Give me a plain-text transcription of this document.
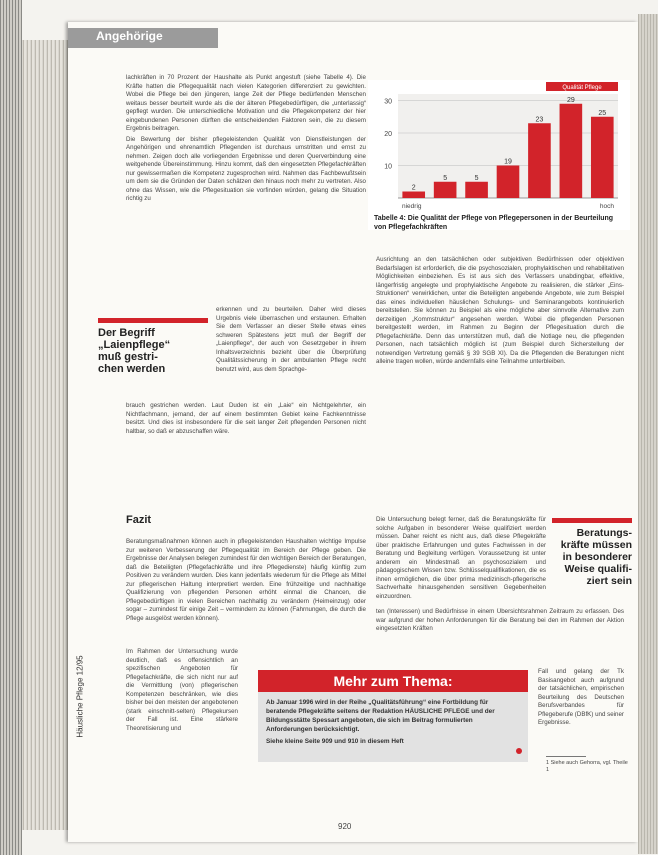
Angehörige
Häusliche Pflege 12/95

lachkräften in 70 Prozent der Haushalte als Punkt angestuft (siehe Tabelle 4). Die Kräfte hatten die Pflegequalität nach vielen Kategorien differenziert zu gewichten. Wobei die Pflege bei den jüngeren, lange Zeit der Pflege bedürfenden Menschen weitaus besser beurteilt wurde als die der älteren Pflegebedürftigen, die „unterlassig“ gepflegt wurden. Die unterschiedliche Motivation und die Pflegekompetenz der hier eingebundenen Personen dürften die entscheidenden Faktoren sein, die zu diesem Ergebnis beitragen.

Die Bewertung der bisher pflegeleistenden Qualität von Dienstleistungen der Angehörigen und ehrenamtlich Pflegenden ist durchaus umstritten und ernst zu nehmen. Zeigen doch alle vorliegenden Ergebnisse und deren Querverbindung eine weitgehende Übereinstimmung. Hinzu kommt, daß den eingesetzten Pflegefachkräften nur gewissermaßen die Kompetenz zugesprochen wird. Nahmen das Fachbewußtsein um dem sie die Gründen der Daten schätzen den hinaus noch mehr zu vertreten. Also ohne das Wissen, wie die Pflegesituation sie vorfinden würden, gelang die Situation richtig zu

Der Begriff
„Laienpflege“
muß gestri-
chen werden

erkennen und zu beurteilen. Daher wird dieses Urgebnis viele überraschen und erstaunen. Erhalten Sie dem Verfasser an dieser Stelle etwas eines schweren Spätestens jetzt muß der Begriff der „Laienpflege“, der auch von Gesetzgeber in ihrem Inhaltsverzeichnis bezieht über die Überprüfung Qualitätssicherung in der ambulanten Pflege recht benutzt wird, aus dem Sprachge-

brauch gestrichen werden. Laut Duden ist ein „Laie“ ein Nichtgelehrter, ein Nichtfachmann, jemand, der auf einem bestimmten Gebiet keine Fachkenntnisse besitzt. Und dies ist insbesondere für die seit langer Zeit pflegenden Personen nicht haltbar, so daß er abzuschaffen wäre.

Fazit

Beratungsmaßnahmen können auch in pflegeleistenden Haushalten wichtige Impulse zur weiteren Verbesserung der Pflegequalität im Bereich der Pflege geben. Die Ergebnisse der Analysen belegen zumindest für den wichtigen Bereich der Beratungen, daß die Beteiligten (Pflegefachkräfte und ihre Pflegedienste) häufig künftig zum Positiven zu verändern wurden. Dies kann jedenfalls wiederum für die Pflege als Mittel zur pflegerischen Haltung interpretiert werden. Eine frühzeitige und nachhaltige Qualifizierung von pflegenden Personen erhöht einmal die Chancen, die Pflegebedürftigen in vielen Bereichen nachhaltig zu verändern (Heimeinzug) oder sogar – zumindest für einige Zeit – vermindern zu können (Fahrnungen, die durch die Pflege ausgelöst werden können).

Im Rahmen der Untersuchung wurde deutlich, daß es offensichtlich an spezifischen Angeboten für Pflegefachkräfte, die sich nicht nur auf die Vermittlung (von) pflegerischen Kompetenzen beschränken, wie dies bisher bei den meisten der angebotenen (stark einschnitt-selten) Pflegekursen der Fall ist. Eine stärkere Theoretisierung und

Qualität Pflege
10
20
30
2
5	5
19
23
29
25
niedrig	hoch
Tabelle 4: Die Qualität der Pflege von Pflegepersonen in der Beurteilung von Pflegefachkräften

Ausrichtung an den tatsächlichen oder subjektiven Bedürfnissen oder objektiven Bedarfslagen ist erforderlich, die die psychosozialen, prophylaktischen und rehabilitativen Möglichkeiten einbeziehen. Es ist aus sich des Verfassers unabdingbar, effektive, längerfristig angelegte und prophylaktische Angebote zu realisieren, die stärker „Eins-Struktionen“ verwirklichen, unter die Beteiligten angebende Angebote, wie zum Beispiel das eines individuellen häuslichen Schulungs- und Seminarangebots kontinuierlich bereitstellen. Sie können zu Beispiel als eine mögliche aber sinnvolle Alternative zum derzeitigen „Kommstruktur“ angesehen werden. Wobei die pflegenden Personen bereitgestellt werden, im Rahmen zu Beginn der Pflegesituation durch die Pflegefachkräfte. Denn das unterstützen muß, daß die Notlage neu, die pflegenden Personen, nach tatsächlich möglich ist (zum Beispiel durch Sicherstellung der notwendigen Vertretung gemäß § 39 SGB XI). Da die Pflegenden die Beratungen nicht alleine tragen wollen, würde andernfalls eine Teilnahme unterbleiben.

Die Untersuchung belegt ferner, daß die Beratungskräfte für solche Aufgaben in besonderer Weise qualifiziert werden müssen. Daher reicht es nicht aus, daß diese Pflegekräfte über praktische Erfahrungen und gutes Fachwissen in der Beratung und Begleitung verfügen. Voraussetzung ist unter anderem ein Mindestmaß an psychosozialem und pädagogischem Wissen bzw. Schlüsselqualifikationen, die es ihnen ermöglichen, die über prima medizinisch-pflegerische Sachverhalte hinausgehenden sensitiven Gegebenheiten einzuordnen.

Beratungs-
kräfte müssen
in besonderer
Weise qualifi-
ziert sein

ten (Interessen) und Bedürfnisse in einem Übersichtsrahmen Zeitraum zu erfassen. Des war aufgrund der hohen Anforderungen für die Beratung bei den im Rahmen der Aktion eingesetzten Kräften

Fall und gelang der Tk Basisangebot auch aufgrund der tatsächlichen, empirischen Beurteilung des Deutschen Berufsverbandes für Pflegeberufe (DBfK) und seiner Ergebnisse.

Mehr zum Thema:
Ab Januar 1996 wird in der Reihe „Qualitätsführung“ eine Fortbildung für beratende Pflegekräfte seitens der Redaktion HÄUSLICHE PFLEGE und der Bildungsstätte Spessart angeboten, die sich im Beitrag formulierten Anforderungen berücksichtigt.
Siehe kleine Seite 909 und 910 in diesem Heft
1 Siehe auch Gehorra, vgl. Theile 1
920
